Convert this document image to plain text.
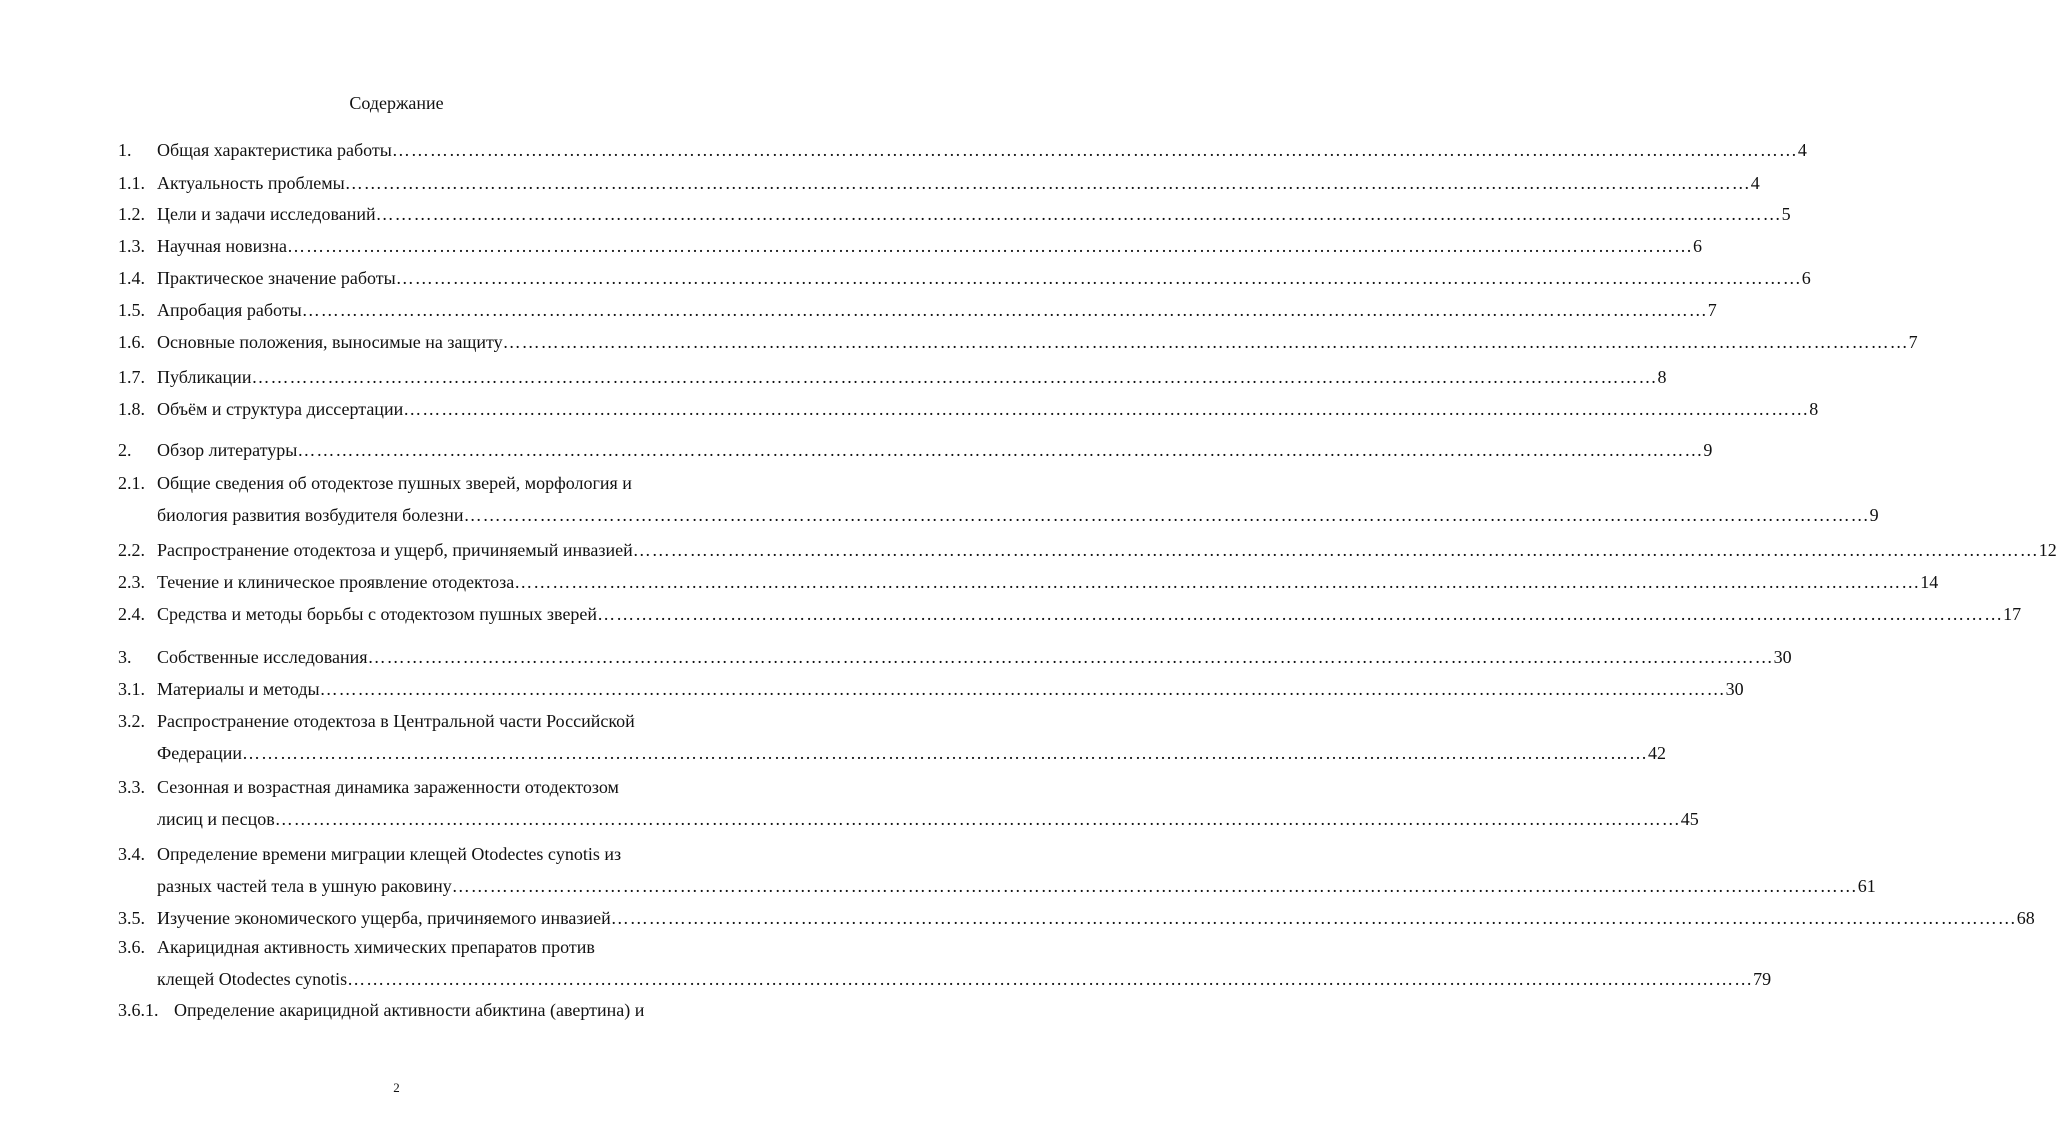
Содержание
1. Общая характеристика работы …………………………………………………………………………………………………………………………………………………………………………………………………… 4
1.1. Актуальность проблемы …………………………………………………………………………………………………………………………………………………………………………………………………… 4
1.2. Цели и задачи исследований …………………………………………………………………………………………………………………………………………………………………………………………………… 5
1.3. Научная новизна …………………………………………………………………………………………………………………………………………………………………………………………………… 6
1.4. Практическое значение работы …………………………………………………………………………………………………………………………………………………………………………………………………… 6
1.5. Апробация работы …………………………………………………………………………………………………………………………………………………………………………………………………… 7
1.6. Основные положения, выносимые на защиту …………………………………………………………………………………………………………………………………………………………………………………………………… 7
1.7. Публикации …………………………………………………………………………………………………………………………………………………………………………………………………… 8
1.8. Объём и структура диссертации …………………………………………………………………………………………………………………………………………………………………………………………………… 8
2. Обзор литературы …………………………………………………………………………………………………………………………………………………………………………………………………… 9
2.1. Общие сведения об отодектозе пушных зверей, морфология и
биология развития возбудителя болезни …………………………………………………………………………………………………………………………………………………………………………………………………… 9
2.2. Распространение отодектоза и ущерб, причиняемый инвазией …………………………………………………………………………………………………………………………………………………………………………………………………… 12
2.3. Течение и клиническое проявление отодектоза …………………………………………………………………………………………………………………………………………………………………………………………………… 14
2.4. Средства и методы борьбы с отодектозом пушных зверей …………………………………………………………………………………………………………………………………………………………………………………………………… 17
3. Собственные исследования …………………………………………………………………………………………………………………………………………………………………………………………………… 30
3.1. Материалы и методы …………………………………………………………………………………………………………………………………………………………………………………………………… 30
3.2. Распространение отодектоза в Центральной части Российской
Федерации …………………………………………………………………………………………………………………………………………………………………………………………………… 42
3.3. Сезонная и возрастная динамика зараженности отодектозом
лисиц и песцов …………………………………………………………………………………………………………………………………………………………………………………………………… 45
3.4. Определение времени миграции клещей Otodectes cynotis из
разных частей тела в ушную раковину …………………………………………………………………………………………………………………………………………………………………………………………………… 61
3.5. Изучение экономического ущерба, причиняемого инвазией …………………………………………………………………………………………………………………………………………………………………………………………………… 68
3.6. Акарицидная активность химических препаратов против
клещей Otodectes cynotis …………………………………………………………………………………………………………………………………………………………………………………………………… 79
3.6.1. Определение акарицидной активности абиктина (авертина) и
2
